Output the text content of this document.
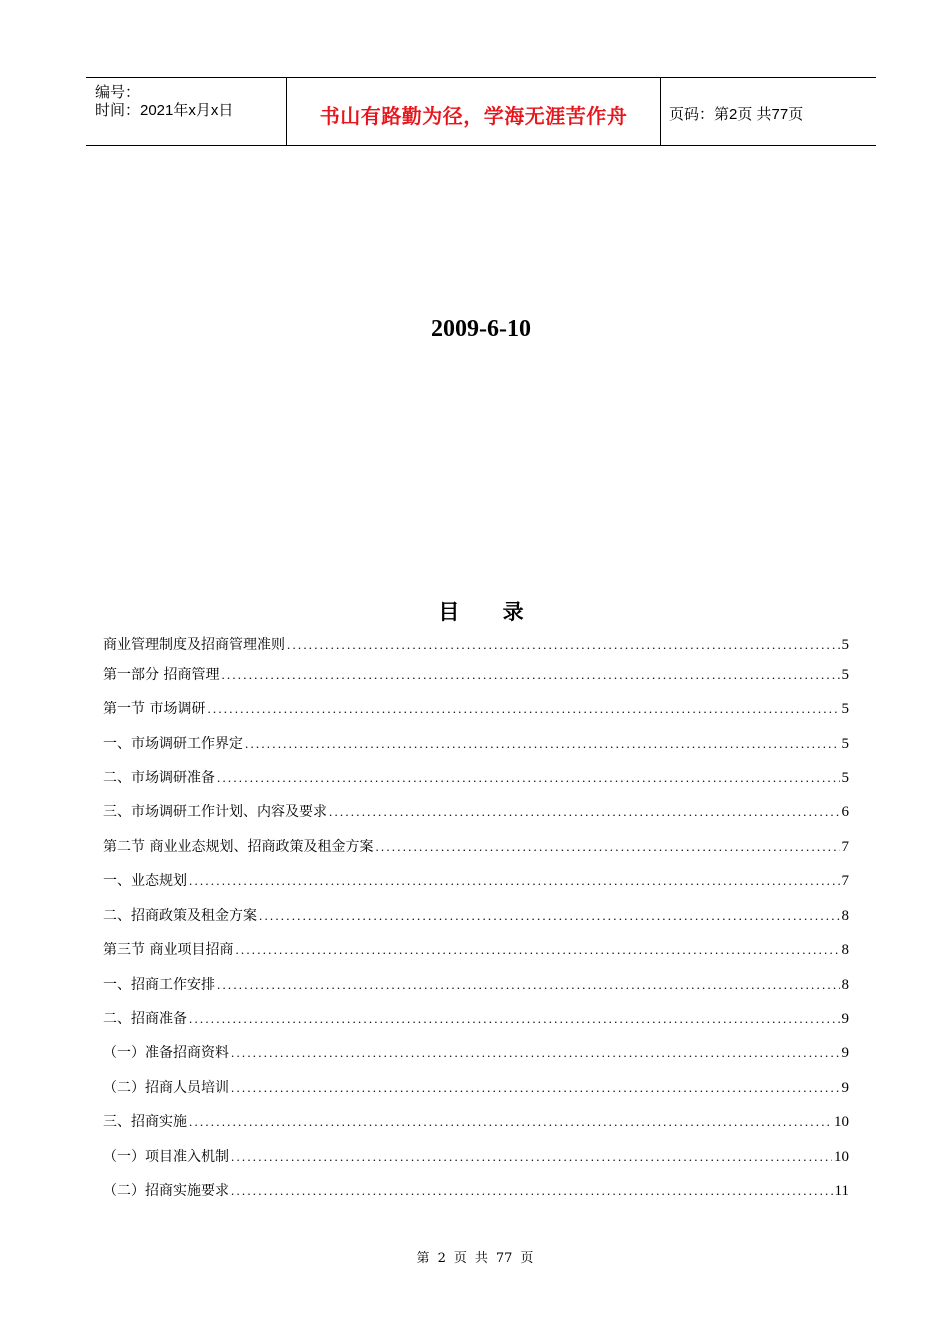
编号：
时间：2021年x月x日	书山有路勤为径，学海无涯苦作舟	页码：第2页 共77页
2009-6-10
目 录
商业管理制度及招商管理准则 .....	5
第一部分 招商管理 .....	5
第一节 市场调研 .....	5
一、市场调研工作界定 .....	5
二、市场调研准备 .....	5
三、市场调研工作计划、内容及要求 .....	6
第二节 商业业态规划、招商政策及租金方案 .....	7
一、业态规划 .....	7
二、招商政策及租金方案 .....	8
第三节 商业项目招商 .....	8
一、招商工作安排 .....	8
二、招商准备 .....	9
（一）准备招商资料 .....	9
（二）招商人员培训 .....	9
三、招商实施 .....	10
（一）项目准入机制 .....	10
（二）招商实施要求 .....	11
第 2 页 共 77 页
